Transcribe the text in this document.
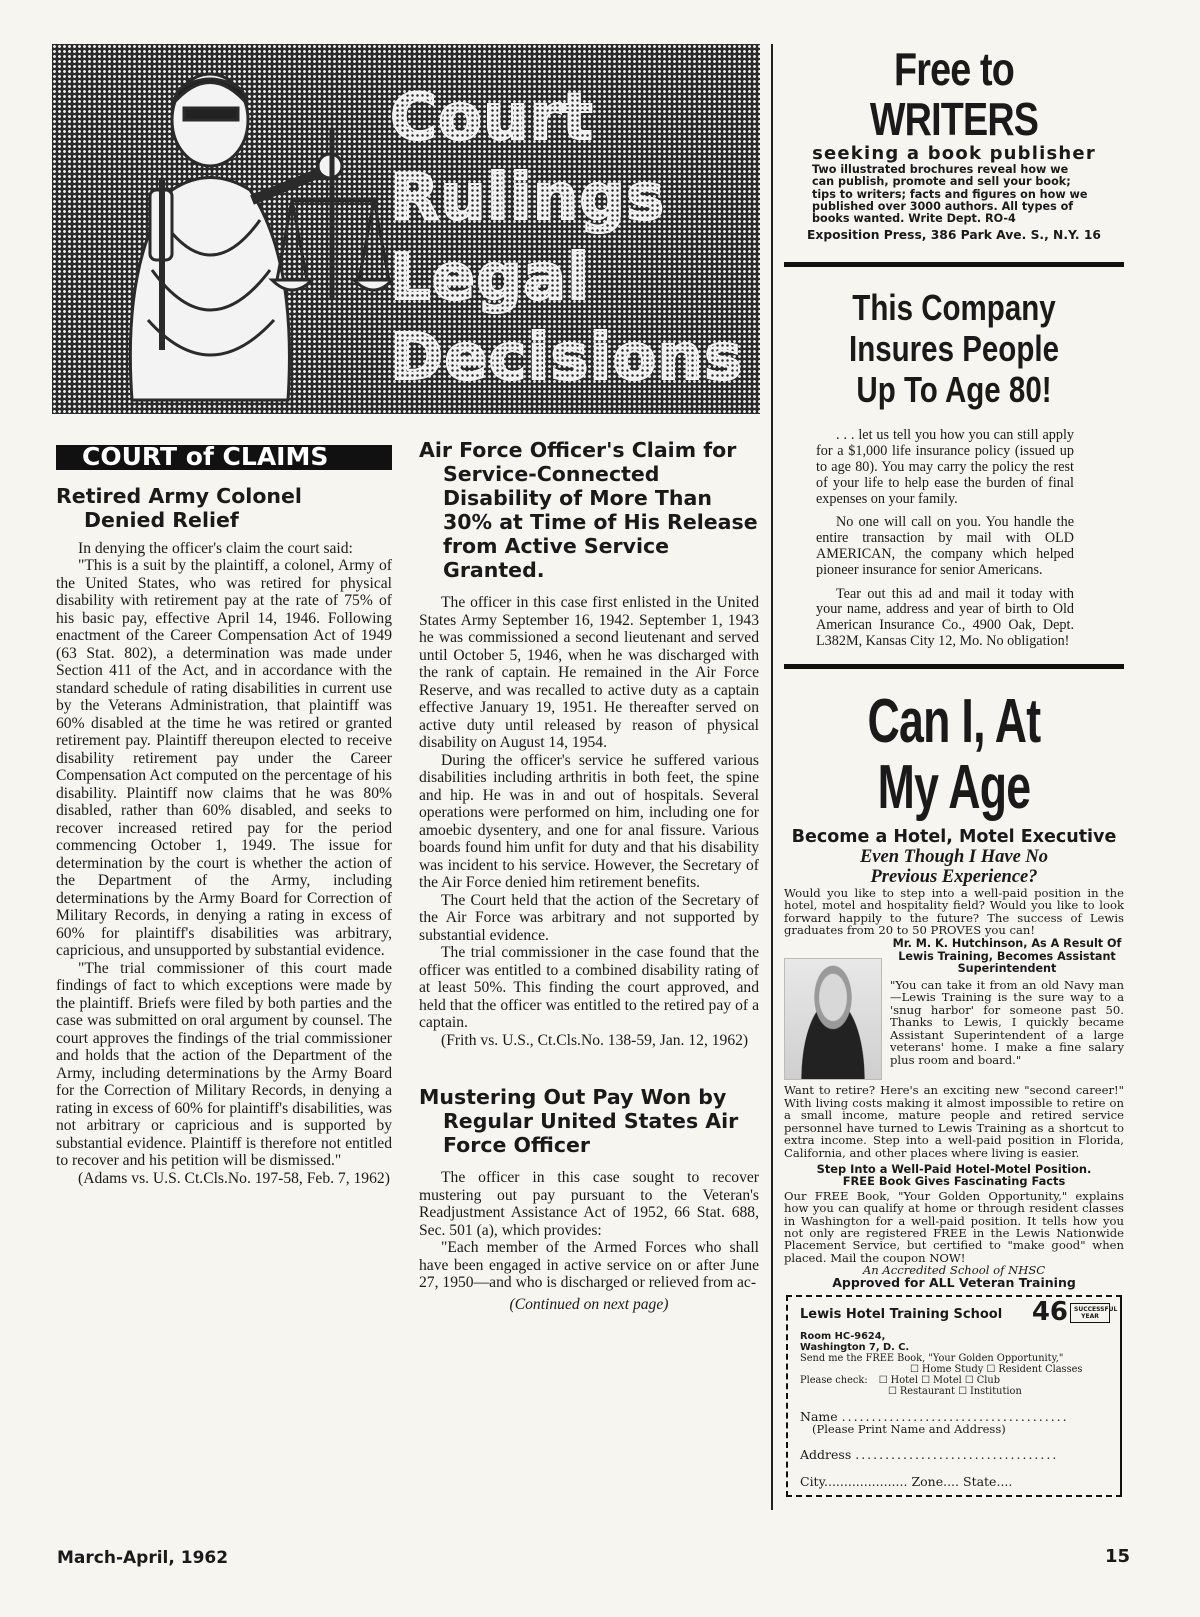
Court
Rulings
Legal
Decisions
COURT of CLAIMS
Retired Army Colonel
Denied Relief

In denying the officer's claim the court said:

"This is a suit by the plaintiff, a colonel, Army of the United States, who was retired for physical disability with retirement pay at the rate of 75% of his basic pay, effective April 14, 1946. Following enactment of the Career Compensation Act of 1949 (63 Stat. 802), a determination was made under Section 411 of the Act, and in accordance with the standard schedule of rating disabilities in current use by the Veterans Administration, that plaintiff was 60% disabled at the time he was retired or granted retirement pay. Plaintiff thereupon elected to receive disability retirement pay under the Career Compensation Act computed on the percentage of his disability. Plaintiff now claims that he was 80% disabled, rather than 60% disabled, and seeks to recover increased retired pay for the period commencing October 1, 1949. The issue for determination by the court is whether the action of the Department of the Army, including determinations by the Army Board for Correction of Military Records, in denying a rating in excess of 60% for plaintiff's disabilities was arbitrary, capricious, and unsupported by substantial evidence.

"The trial commissioner of this court made findings of fact to which exceptions were made by the plaintiff. Briefs were filed by both parties and the case was submitted on oral argument by counsel. The court approves the findings of the trial commissioner and holds that the action of the Department of the Army, including determinations by the Army Board for the Correction of Military Records, in denying a rating in excess of 60% for plaintiff's disabilities, was not arbitrary or capricious and is supported by substantial evidence. Plaintiff is therefore not entitled to recover and his petition will be dismissed."

(Adams vs. U.S. Ct.Cls.No. 197-58, Feb. 7, 1962)

Air Force Officer's Claim for
Service-Connected Disability of More Than 30% at Time of His Release from Active Service Granted.

The officer in this case first enlisted in the United States Army September 16, 1942. September 1, 1943 he was commissioned a second lieutenant and served until October 5, 1946, when he was discharged with the rank of captain. He remained in the Air Force Reserve, and was recalled to active duty as a captain effective January 19, 1951. He thereafter served on active duty until released by reason of physical disability on August 14, 1954.

During the officer's service he suffered various disabilities including arthritis in both feet, the spine and hip. He was in and out of hospitals. Several operations were performed on him, including one for amoebic dysentery, and one for anal fissure. Various boards found him unfit for duty and that his disability was incident to his service. However, the Secretary of the Air Force denied him retirement benefits.

The Court held that the action of the Secretary of the Air Force was arbitrary and not supported by substantial evidence.

The trial commissioner in the case found that the officer was entitled to a combined disability rating of at least 50%. This finding the court approved, and held that the officer was entitled to the retired pay of a captain.

(Frith vs. U.S., Ct.Cls.No. 138-59, Jan. 12, 1962)

Mustering Out Pay Won by
Regular United States Air Force Officer

The officer in this case sought to recover mustering out pay pursuant to the Veteran's Readjustment Assistance Act of 1952, 66 Stat. 688, Sec. 501 (a), which provides:

"Each member of the Armed Forces who shall have been engaged in active service on or after June 27, 1950—and who is discharged or relieved from ac-

(Continued on next page)

Free to WRITERS
seeking a book publisher
Two illustrated brochures reveal how we can publish, promote and sell your book; tips to writers; facts and figures on how we published over 3000 authors. All types of books wanted. Write Dept. RO-4
Exposition Press, 386 Park Ave. S., N.Y. 16
This Company
Insures People
Up To Age 80!

. . . let us tell you how you can still apply for a $1,000 life insurance policy (issued up to age 80). You may carry the policy the rest of your life to help ease the burden of final expenses on your family.

No one will call on you. You handle the entire transaction by mail with OLD AMERICAN, the company which helped pioneer insurance for senior Americans.

Tear out this ad and mail it today with your name, address and year of birth to Old American Insurance Co., 4900 Oak, Dept. L382M, Kansas City 12, Mo. No obligation!

Can I, At My Age
Become a Hotel, Motel Executive
Even Though I Have No
Previous Experience?
Would you like to step into a well-paid position in the hotel, motel and hospitality field? Would you like to look forward happily to the future? The success of Lewis graduates from 20 to 50 PROVES you can!
Mr. M. K. Hutchinson, As A Result Of Lewis Training, Becomes Assistant Superintendent
"You can take it from an old Navy man—Lewis Training is the sure way to a 'snug harbor' for someone past 50. Thanks to Lewis, I quickly became Assistant Superintendent of a large veterans' home. I make a fine salary plus room and board."
Want to retire? Here's an exciting new "second career!" With living costs making it almost impossible to retire on a small income, mature people and retired service personnel have turned to Lewis Training as a shortcut to extra income. Step into a well-paid position in Florida, California, and other places where living is easier.
Step Into a Well-Paid Hotel-Motel Position.
FREE Book Gives Fascinating Facts
Our FREE Book, "Your Golden Opportunity," explains how you can qualify at home or through resident classes in Washington for a well-paid position. It tells how you not only are registered FREE in the Lewis Nationwide Placement Service, but certified to "make good" when placed. Mail the coupon NOW!
An Accredited School of NHSC
Approved for ALL Veteran Training
Lewis Hotel Training School 46	SUCCESSFUL YEAR
Room HC-9624,
Washington 7, D. C.
Send me the FREE Book, "Your Golden Opportunity,"
☐ Home Study ☐ Resident Classes
Please check: ☐ Hotel ☐ Motel ☐ Club
☐ Restaurant ☐ Institution
Name ......................................
(Please Print Name and Address)
Address ..................................
City..................... Zone.... State....
March-April, 1962	15
